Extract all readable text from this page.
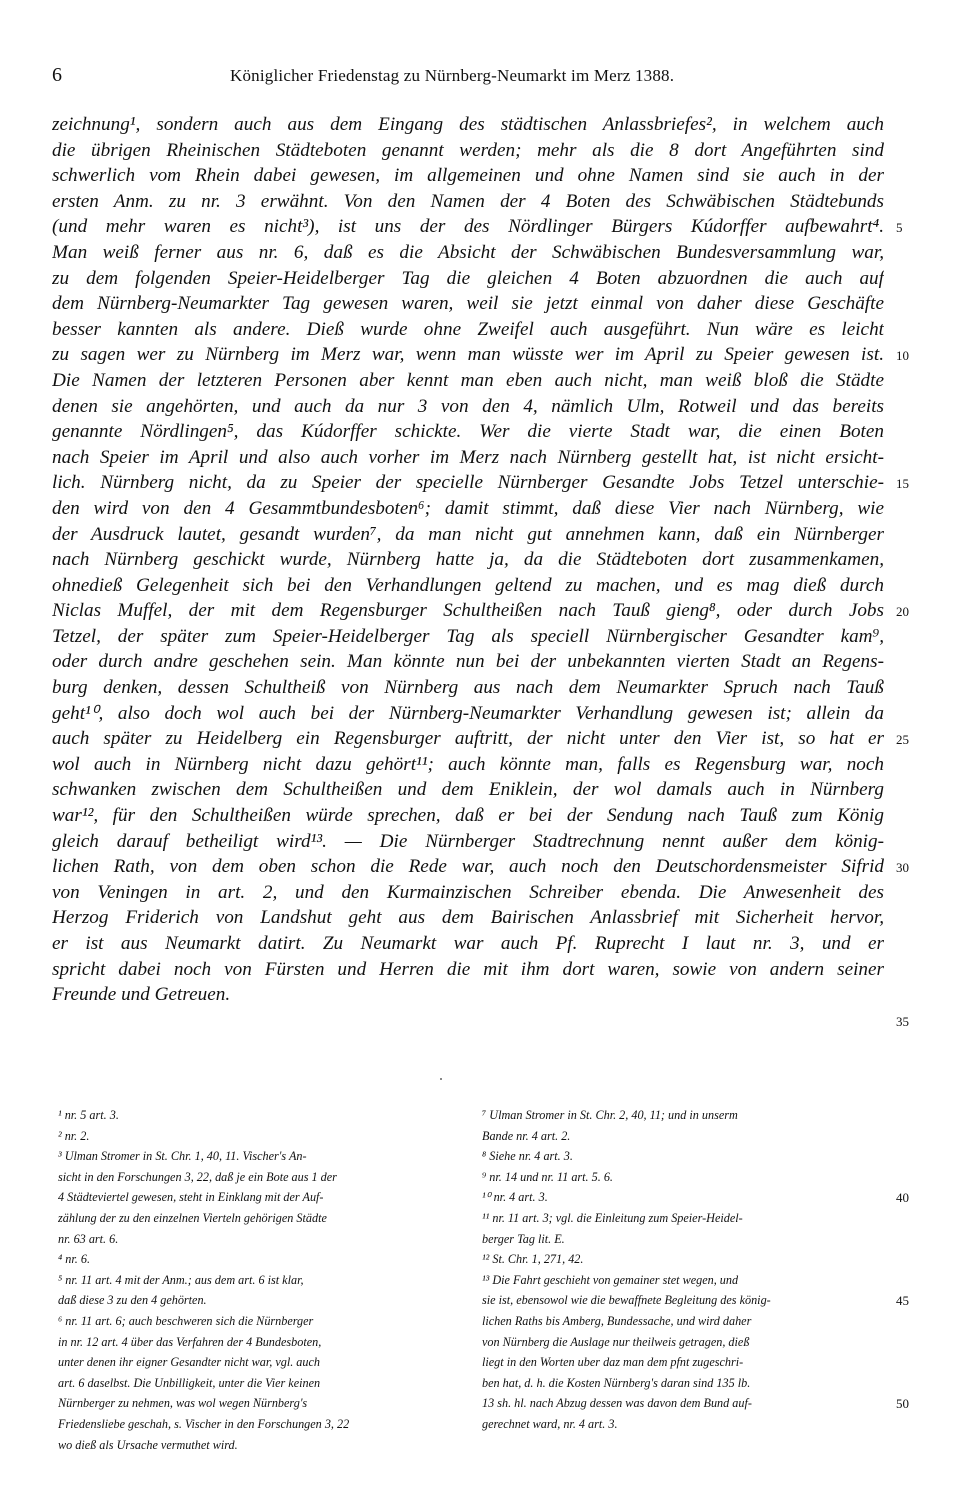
6	Königlicher Friedenstag zu Nürnberg-Neumarkt im Merz 1388.
zeichnung¹, sondern auch aus dem Eingang des städtischen Anlassbriefes², in welchem auch
die übrigen Rheinischen Städteboten genannt werden; mehr als die 8 dort Angeführten sind
schwerlich vom Rhein dabei gewesen, im allgemeinen und ohne Namen sind sie auch in der
ersten Anm. zu nr. 3 erwähnt. Von den Namen der 4 Boten des Schwäbischen Städtebunds
(und mehr waren es nicht³), ist uns der des Nördlinger Bürgers Kúdorffer aufbewahrt⁴.
Man weiß ferner aus nr. 6, daß es die Absicht der Schwäbischen Bundesversammlung war,
zu dem folgenden Speier-Heidelberger Tag die gleichen 4 Boten abzuordnen die auch auf
dem Nürnberg-Neumarkter Tag gewesen waren, weil sie jetzt einmal von daher diese Geschäfte
besser kannten als andere. Dieß wurde ohne Zweifel auch ausgeführt. Nun wäre es leicht
zu sagen wer zu Nürnberg im Merz war, wenn man wüsste wer im April zu Speier gewesen ist.
Die Namen der letzteren Personen aber kennt man eben auch nicht, man weiß bloß die Städte
denen sie angehörten, und auch da nur 3 von den 4, nämlich Ulm, Rotweil und das bereits
genannte Nördlingen⁵, das Kúdorffer schickte. Wer die vierte Stadt war, die einen Boten
nach Speier im April und also auch vorher im Merz nach Nürnberg gestellt hat, ist nicht ersicht-
lich. Nürnberg nicht, da zu Speier der specielle Nürnberger Gesandte Jobs Tetzel unterschie-
den wird von den 4 Gesammtbundesboten⁶; damit stimmt, daß diese Vier nach Nürnberg, wie
der Ausdruck lautet, gesandt wurden⁷, da man nicht gut annehmen kann, daß ein Nürnberger
nach Nürnberg geschickt wurde, Nürnberg hatte ja, da die Städteboten dort zusammenkamen,
ohnedieß Gelegenheit sich bei den Verhandlungen geltend zu machen, und es mag dieß durch
Niclas Muffel, der mit dem Regensburger Schultheißen nach Tauß gieng⁸, oder durch Jobs
Tetzel, der später zum Speier-Heidelberger Tag als speciell Nürnbergischer Gesandter kam⁹,
oder durch andre geschehen sein. Man könnte nun bei der unbekannten vierten Stadt an Regens-
burg denken, dessen Schultheiß von Nürnberg aus nach dem Neumarkter Spruch nach Tauß
geht¹⁰, also doch wol auch bei der Nürnberg-Neumarkter Verhandlung gewesen ist; allein da
auch später zu Heidelberg ein Regensburger auftritt, der nicht unter den Vier ist, so hat er
wol auch in Nürnberg nicht dazu gehört¹¹; auch könnte man, falls es Regensburg war, noch
schwanken zwischen dem Schultheißen und dem Eniklein, der wol damals auch in Nürnberg
war¹², für den Schultheißen würde sprechen, daß er bei der Sendung nach Tauß zum König
gleich darauf betheiligt wird¹³. — Die Nürnberger Stadtrechnung nennt außer dem könig-
lichen Rath, von dem oben schon die Rede war, auch noch den Deutschordensmeister Sifrid
von Veningen in art. 2, und den Kurmainzischen Schreiber ebenda. Die Anwesenheit des
Herzog Friderich von Landshut geht aus dem Bairischen Anlassbrief mit Sicherheit hervor,
er ist aus Neumarkt datirt. Zu Neumarkt war auch Pf. Ruprecht I laut nr. 3, und er
spricht dabei noch von Fürsten und Herren die mit ihm dort waren, sowie von andern seiner
Freunde und Getreuen.
5
10
15
20
25
30
35
¹ nr. 5 art. 3.
² nr. 2.
³ Ulman Stromer in St. Chr. 1, 40, 11. Vischer's An-
sicht in den Forschungen 3, 22, daß je ein Bote aus 1 der
4 Städteviertel gewesen, steht in Einklang mit der Auf-
zählung der zu den einzelnen Vierteln gehörigen Städte
nr. 63 art. 6.
⁴ nr. 6.
⁵ nr. 11 art. 4 mit der Anm.; aus dem art. 6 ist klar,
daß diese 3 zu den 4 gehörten.
⁶ nr. 11 art. 6; auch beschweren sich die Nürnberger
in nr. 12 art. 4 über das Verfahren der 4 Bundesboten,
unter denen ihr eigner Gesandter nicht war, vgl. auch
art. 6 daselbst. Die Unbilligkeit, unter die Vier keinen
Nürnberger zu nehmen, was wol wegen Nürnberg's
Friedensliebe geschah, s. Vischer in den Forschungen 3, 22
wo dieß als Ursache vermuthet wird.
⁷ Ulman Stromer in St. Chr. 2, 40, 11; und in unserm
Bande nr. 4 art. 2.
⁸ Siehe nr. 4 art. 3.
⁹ nr. 14 und nr. 11 art. 5. 6.
¹⁰ nr. 4 art. 3.
¹¹ nr. 11 art. 3; vgl. die Einleitung zum Speier-Heidel-
berger Tag lit. E.
¹² St. Chr. 1, 271, 42.
¹³ Die Fahrt geschieht von gemainer stet wegen, und
sie ist, ebensowol wie die bewaffnete Begleitung des könig-
lichen Raths bis Amberg, Bundessache, und wird daher
von Nürnberg die Auslage nur theilweis getragen, dieß
liegt in den Worten uber daz man dem pfnt zugeschri-
ben hat, d. h. die Kosten Nürnberg's daran sind 135 lb.
13 sh. hl. nach Abzug dessen was davon dem Bund auf-
gerechnet ward, nr. 4 art. 3.
40
45
50
